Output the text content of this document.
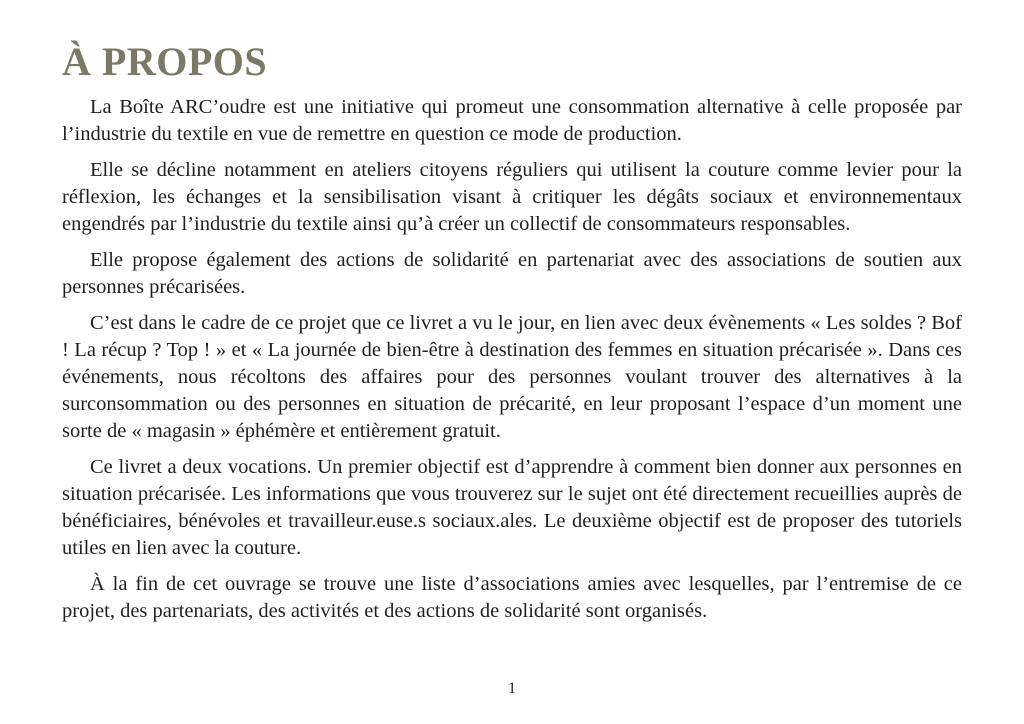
À PROPOS

La Boîte ARC’oudre est une initiative qui promeut une consommation alternative à celle proposée par l’industrie du textile en vue de remettre en question ce mode de production.

Elle se décline notamment en ateliers citoyens réguliers qui utilisent la couture comme levier pour la réflexion, les échanges et la sensibilisation visant à critiquer les dégâts sociaux et environnementaux engendrés par l’industrie du textile ainsi qu’à créer un collectif de consommateurs responsables.

Elle propose également des actions de solidarité en partenariat avec des associations de soutien aux personnes précarisées.

C’est dans le cadre de ce projet que ce livret a vu le jour, en lien avec deux évènements « Les soldes ? Bof ! La récup ? Top ! » et « La journée de bien-être à destination des femmes en situation précarisée ». Dans ces événements, nous récoltons des affaires pour des personnes voulant trouver des alternatives à la surconsommation ou des personnes en situation de précarité, en leur proposant l’espace d’un moment une sorte de « magasin » éphémère et entièrement gratuit.

Ce livret a deux vocations. Un premier objectif est d’apprendre à comment bien donner aux personnes en situation précarisée. Les informations que vous trouverez sur le sujet ont été directement recueillies auprès de bénéficiaires, bénévoles et travailleur.euse.s sociaux.ales. Le deuxième objectif est de proposer des tutoriels utiles en lien avec la couture.

À la fin de cet ouvrage se trouve une liste d’associations amies avec lesquelles, par l’entremise de ce projet, des partenariats, des activités et des actions de solidarité sont organisés.

1
